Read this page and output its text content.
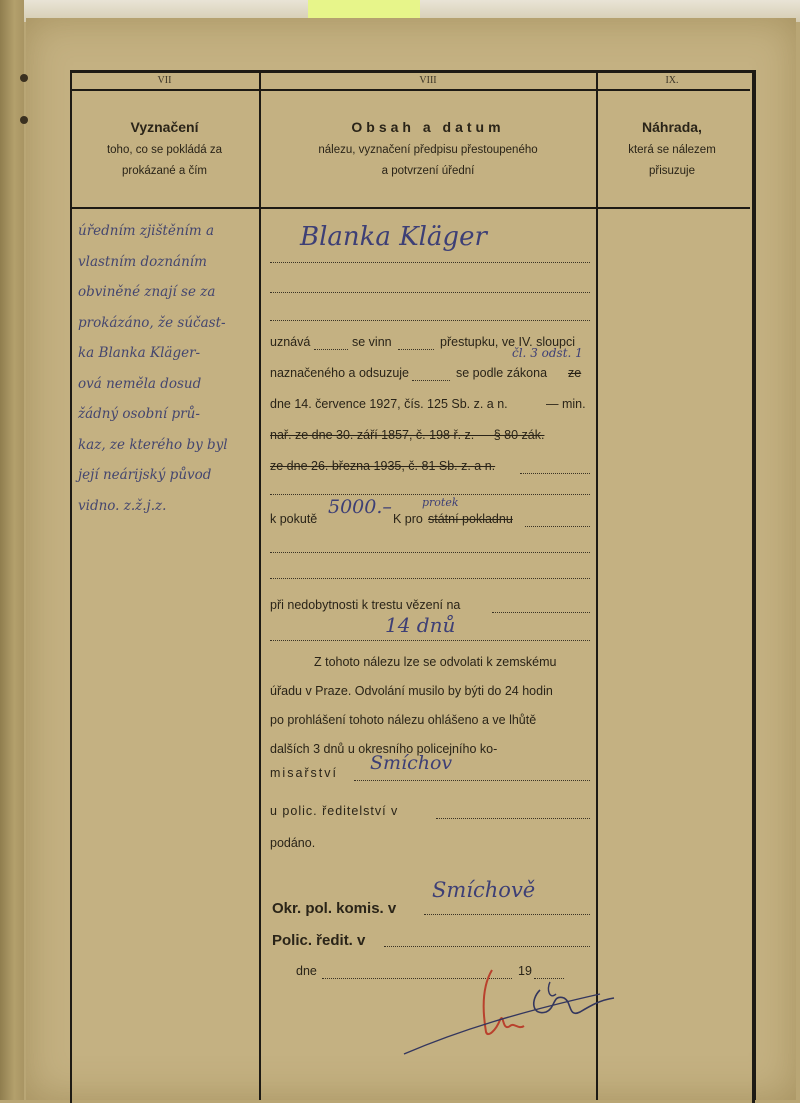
VII	VIII	IX.
Vyznačení	Obsah a datum	Náhrada,
toho, co se pokládá za
prokázané a čím
nálezu, vyznačení předpisu přestoupeného
a potvrzení úřední
která se nálezem
přisuzuje
úředním zjištěním a
vlastním doznáním
obviněné znají se za
prokázáno, že súčast-
ka Blanka Kläger-
ová neměla dosud
žádný osobní prů-
kaz, ze kterého by byl
její neárijský původ
vidno. z.ž.j.z.
Blanka Kläger
uznává	se vinn	přestupku, ve IV. sloupci
čl. 3 odst. 1
naznačeného a odsuzuje	se podle zákona ze
dne 14. července 1927, čís. 125 Sb. z. a n.	— min.
nař. ze dne 30. září 1857, č. 198 ř. z. — § 80 zák.
ze dne 26. března 1935, č. 81 Sb. z. a n.
k pokutě	K pro státní pokladnu
5000.–	protek
při nedobytnosti k trestu vězení na
14 dnů
Z tohoto nálezu lze se odvolati k zemskému
úřadu v Praze. Odvolání musilo by býti do 24 hodin
po prohlášení tohoto nálezu ohlášeno a ve lhůtě
dalších 3 dnů u okresního policejního ko-
misařství	Smíchov
u polic. ředitelství v
podáno.
Okr. pol. komis. v
Smíchově
Polic. ředit. v
dne	19
